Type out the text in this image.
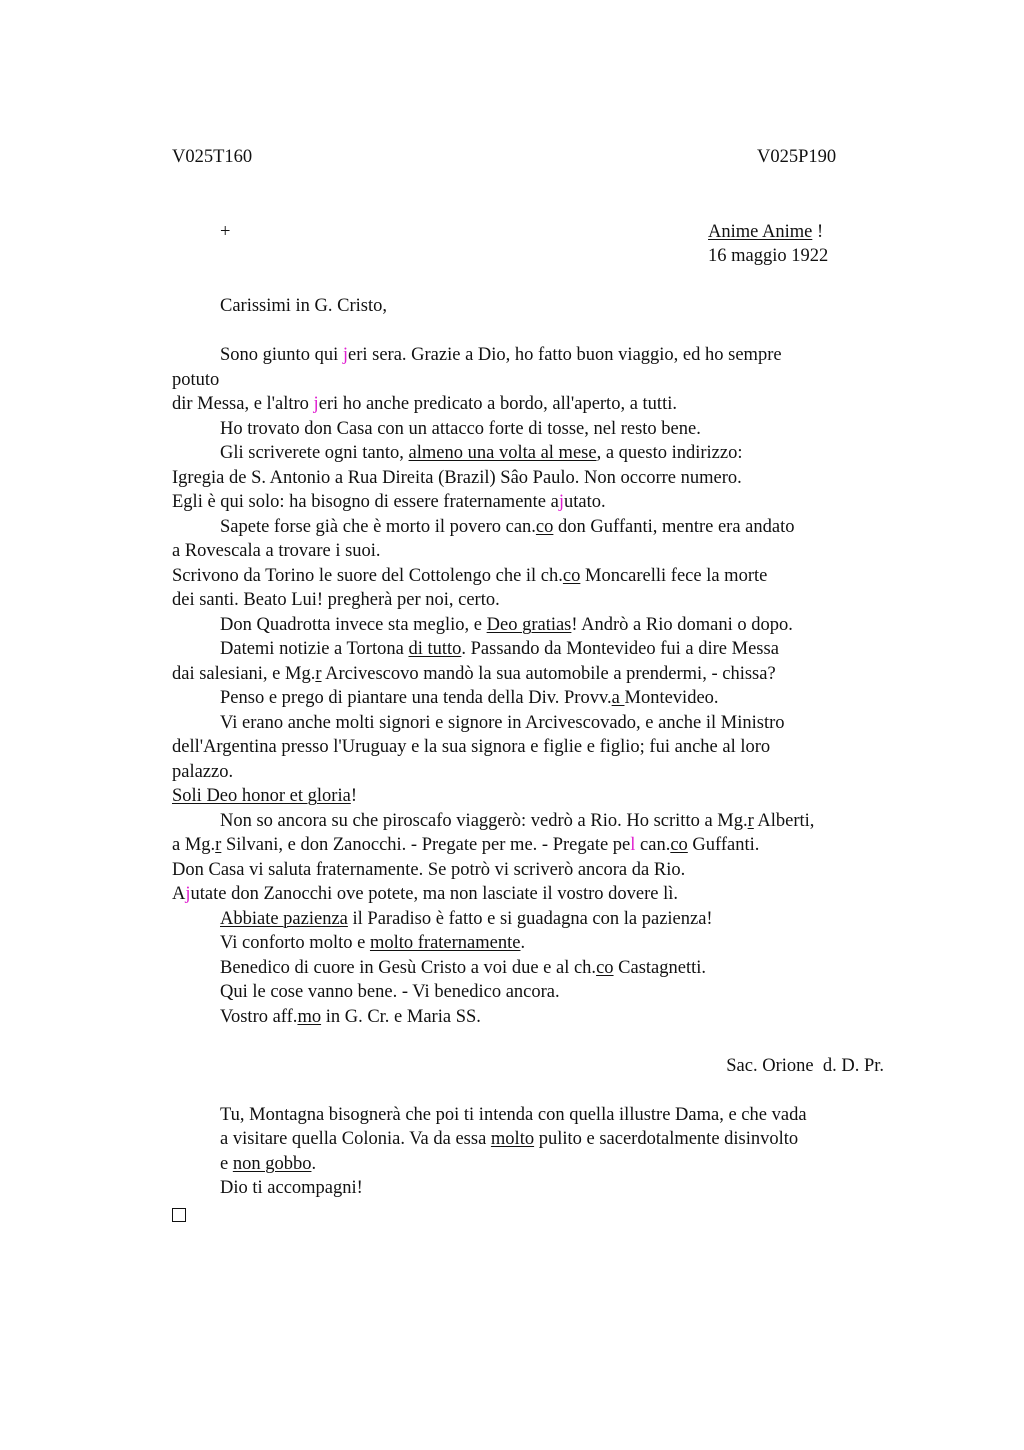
V025T160	V025P190
+	Anime Anime !
16 maggio 1922
Carissimi in G. Cristo,
Sono giunto qui jeri sera. Grazie a Dio, ho fatto buon viaggio, ed ho sempre
potuto
dir Messa, e l'altro jeri ho anche predicato a bordo, all'aperto, a tutti.
Ho trovato don Casa con un attacco forte di tosse, nel resto bene.
Gli scriverete ogni tanto, almeno una volta al mese, a questo indirizzo:
Igregia de S. Antonio a Rua Direita (Brazil) Sâo Paulo. Non occorre numero.
Egli è qui solo: ha bisogno di essere fraternamente ajutato.
Sapete forse già che è morto il povero can.co don Guffanti, mentre era andato
a Rovescala a trovare i suoi.
Scrivono da Torino le suore del Cottolengo che il ch.co Moncarelli fece la morte
dei santi. Beato Lui! pregherà per noi, certo.
Don Quadrotta invece sta meglio, e Deo gratias! Andrò a Rio domani o dopo.
Datemi notizie a Tortona di tutto. Passando da Montevideo fui a dire Messa
dai salesiani, e Mg.r Arcivescovo mandò la sua automobile a prendermi, - chissa?
Penso e prego di piantare una tenda della Div. Provv.a Montevideo.
Vi erano anche molti signori e signore in Arcivescovado, e anche il Ministro
dell'Argentina presso l'Uruguay e la sua signora e figlie e figlio; fui anche al loro
palazzo.
Soli Deo honor et gloria!
Non so ancora su che piroscafo viaggerò: vedrò a Rio. Ho scritto a Mg.r Alberti,
a Mg.r Silvani, e don Zanocchi. - Pregate per me. - Pregate pel can.co Guffanti.
Don Casa vi saluta fraternamente. Se potrò vi scriverò ancora da Rio.
Ajutate don Zanocchi ove potete, ma non lasciate il vostro dovere lì.
Abbiate pazienza il Paradiso è fatto e si guadagna con la pazienza!
Vi conforto molto e molto fraternamente.
Benedico di cuore in Gesù Cristo a voi due e al ch.co Castagnetti.
Qui le cose vanno bene. - Vi benedico ancora.
Vostro aff.mo in G. Cr. e Maria SS.
Sac. Orione  d. D. Pr.
Tu, Montagna bisognerà che poi ti intenda con quella illustre Dama, e che vada
a visitare quella Colonia. Va da essa molto pulito e sacerdotalmente disinvolto
e non gobbo.
Dio ti accompagni!
